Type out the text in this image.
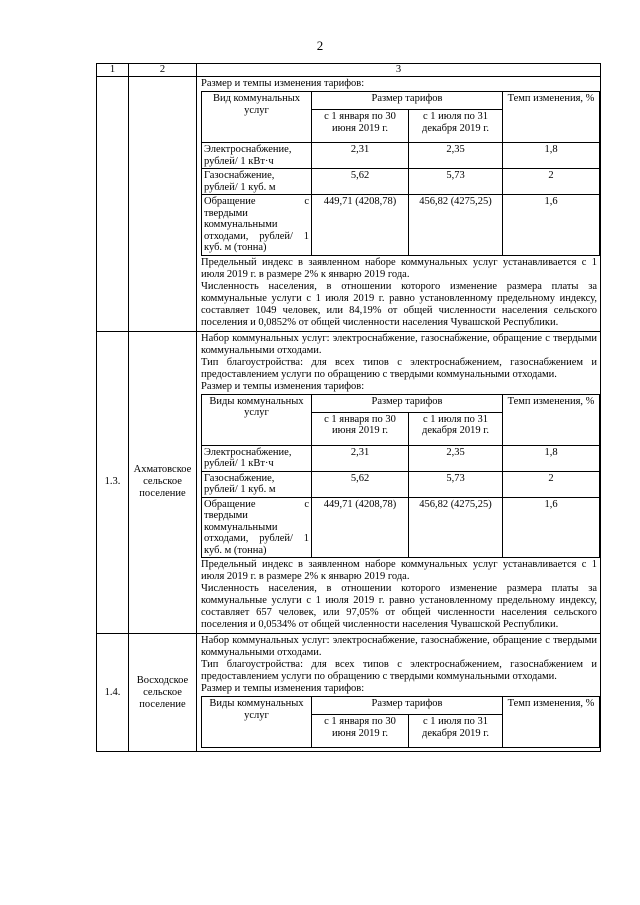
2
1	2	3

Размер и темпы изменения тарифов:

Вид коммунальных услуг	Размер тарифов	Темп изменения, %
с 1 января по 30 июня 2019 г.	с 1 июля по 31 декабря 2019 г.
Электроснабжение, рублей/ 1 кВт·ч	2,31	2,35	1,8
Газоснабжение, рублей/ 1 куб. м	5,62	5,73	2
Обращение с твердыми коммунальными отходами, рублей/ 1 куб. м (тонна)	449,71 (4208,78)	456,82 (4275,25)	1,6

Предельный индекс в заявленном наборе коммунальных услуг устанавливается с 1 июля 2019 г. в размере 2% к январю 2019 года.

Численность населения, в отношении которого изменение размера платы за коммунальные услуги с 1 июля 2019 г. равно установленному предельному индексу, составляет 1049 человек, или 84,19% от общей численности населения сельского поселения и 0,0852% от общей численности населения Чувашской Республики.

1.3.	Ахматовское сельское поселение	

Набор коммунальных услуг: электроснабжение, газоснабжение, обращение с твердыми коммунальными отходами.

Тип благоустройства: для всех типов с электроснабжением, газоснабжением и предоставлением услуги по обращению с твердыми коммунальными отходами.

Размер и темпы изменения тарифов:

Виды коммунальных услуг	Размер тарифов	Темп изменения, %
с 1 января по 30 июня 2019 г.	с 1 июля по 31 декабря 2019 г.
Электроснабжение, рублей/ 1 кВт·ч	2,31	2,35	1,8
Газоснабжение, рублей/ 1 куб. м	5,62	5,73	2
Обращение с твердыми коммунальными отходами, рублей/ 1 куб. м (тонна)	449,71 (4208,78)	456,82 (4275,25)	1,6

Предельный индекс в заявленном наборе коммунальных услуг устанавливается с 1 июля 2019 г. в размере 2% к январю 2019 года.

Численность населения, в отношении которого изменение размера платы за коммунальные услуги с 1 июля 2019 г. равно установленному предельному индексу, составляет 657 человек, или 97,05% от общей численности населения сельского поселения и 0,0534% от общей численности населения Чувашской Республики.

1.4.	Восходское сельское поселение	

Набор коммунальных услуг: электроснабжение, газоснабжение, обращение с твердыми коммунальными отходами.

Тип благоустройства: для всех типов с электроснабжением, газоснабжением и предоставлением услуги по обращению с твердыми коммунальными отходами.

Размер и темпы изменения тарифов:

Виды коммунальных услуг	Размер тарифов	Темп изменения, %
с 1 января по 30 июня 2019 г.	с 1 июля по 31 декабря 2019 г.
